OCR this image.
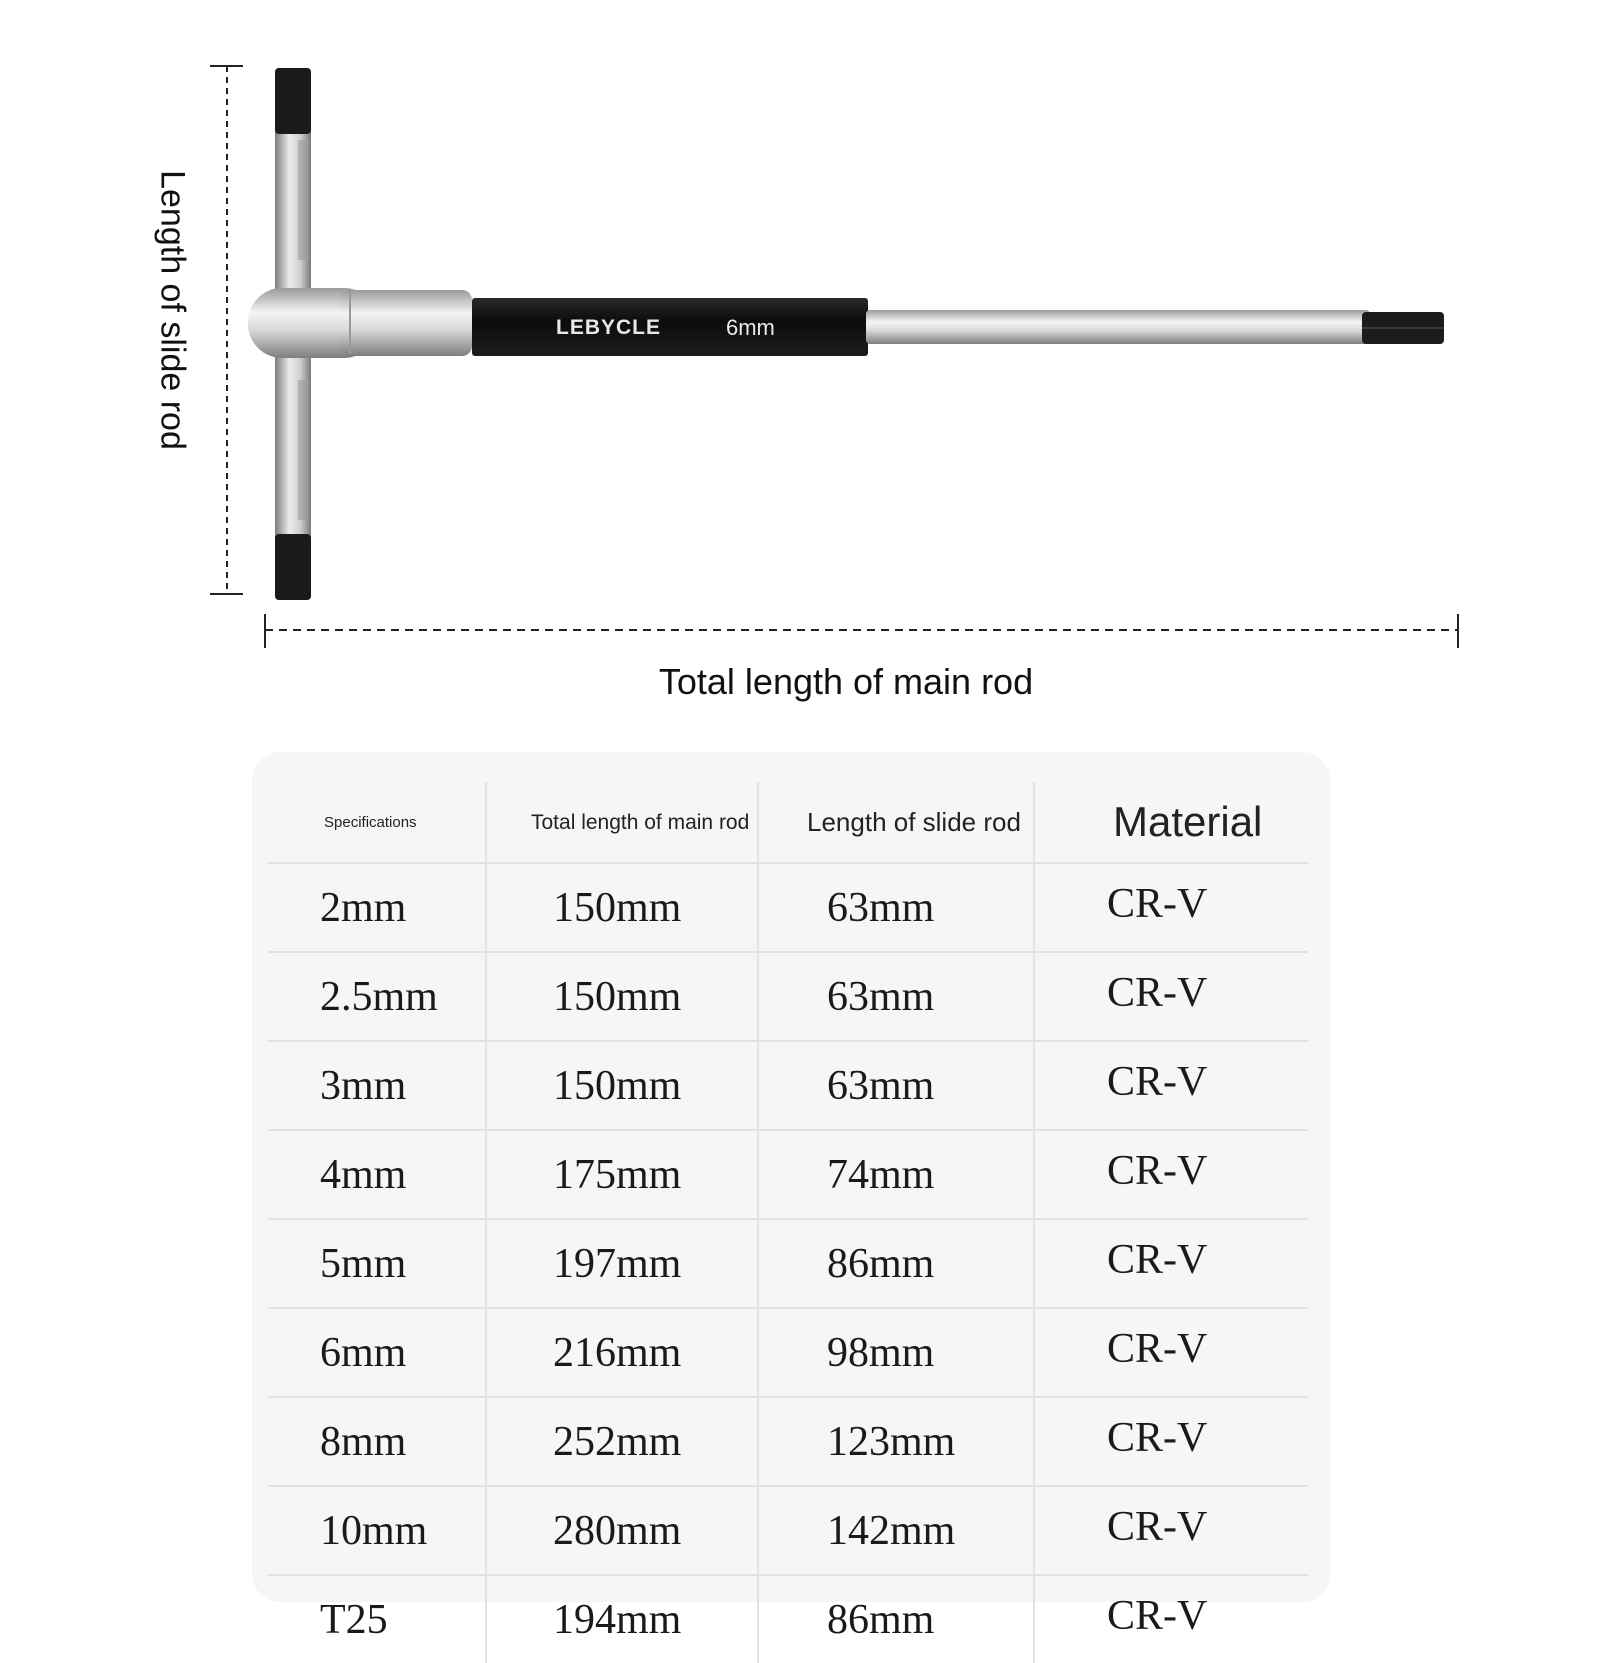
Length of slide rod
Total length of main rod
LEBYCLE	6mm
Specifications	Total length of main rod	Length of slide rod	Material
2mm	150mm	63mm	CR-V
2.5mm	150mm	63mm	CR-V
3mm	150mm	63mm	CR-V
4mm	175mm	74mm	CR-V
5mm	197mm	86mm	CR-V
6mm	216mm	98mm	CR-V
8mm	252mm	123mm	CR-V
10mm	280mm	142mm	CR-V
T25	194mm	86mm	CR-V
